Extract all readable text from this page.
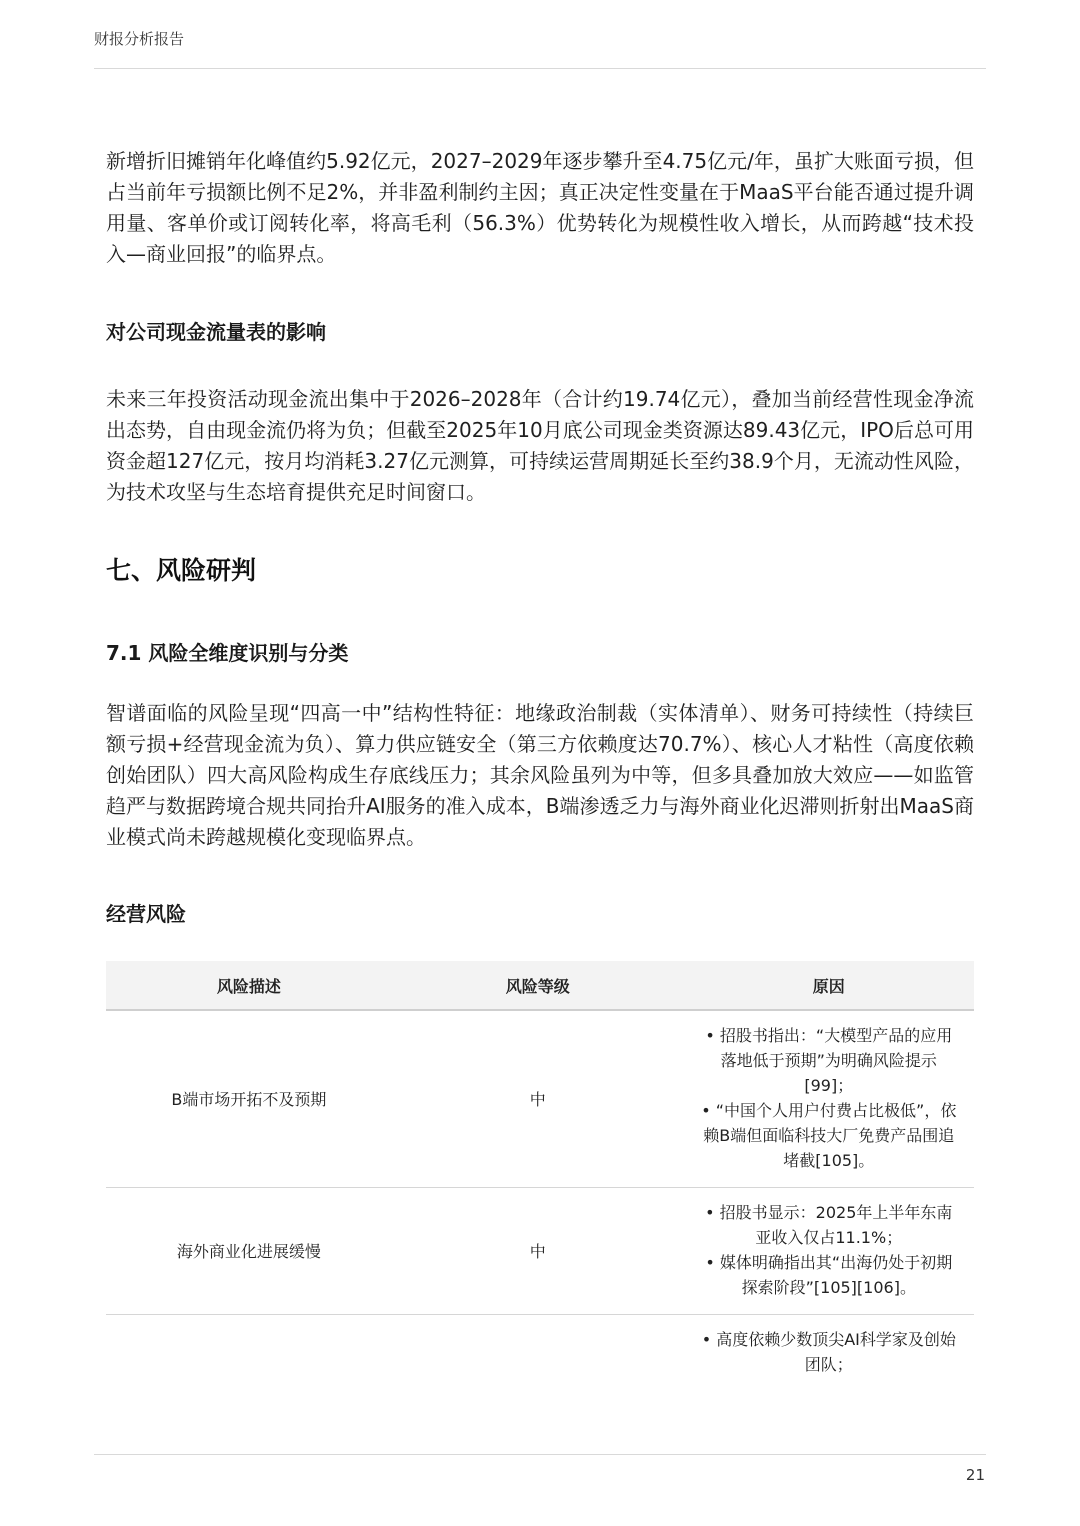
财报分析报告

新增折旧摊销年化峰值约5.92亿元，2027–2029年逐步攀升至4.75亿元/年，虽扩大账面亏损，但占当前年亏损额比例不足2%，并非盈利制约主因；真正决定性变量在于MaaS平台能否通过提升调用量、客单价或订阅转化率，将高毛利（56.3%）优势转化为规模性收入增长，从而跨越“技术投入—商业回报”的临界点。

对公司现金流量表的影响

未来三年投资活动现金流出集中于2026–2028年（合计约19.74亿元），叠加当前经营性现金净流出态势，自由现金流仍将为负；但截至2025年10月底公司现金类资源达89.43亿元，IPO后总可用资金超127亿元，按月均消耗3.27亿元测算，可持续运营周期延长至约38.9个月，无流动性风险，为技术攻坚与生态培育提供充足时间窗口。

七、风险研判
7.1 风险全维度识别与分类

智谱面临的风险呈现“四高一中”结构性特征：地缘政治制裁（实体清单）、财务可持续性（持续巨额亏损+经营现金流为负）、算力供应链安全（第三方依赖度达70.7%）、核心人才粘性（高度依赖创始团队）四大高风险构成生存底线压力；其余风险虽列为中等，但多具叠加放大效应——如监管趋严与数据跨境合规共同抬升AI服务的准入成本，B端渗透乏力与海外商业化迟滞则折射出MaaS商业模式尚未跨越规模化变现临界点。

经营风险
风险描述	风险等级	原因
B端市场开拓不及预期	中	• 招股书指出：“大模型产品的应用落地低于预期”为明确风险提示[99]；
• “中国个人用户付费占比极低”，依赖B端但面临科技大厂免费产品围追堵截[105]。

海外商业化进展缓慢	中	• 招股书显示：2025年上半年东南亚收入仅占11.1%；
• 媒体明确指出其“出海仍处于初期探索阶段”[105][106]。

		• 高度依赖少数顶尖AI科学家及创始团队；
21
